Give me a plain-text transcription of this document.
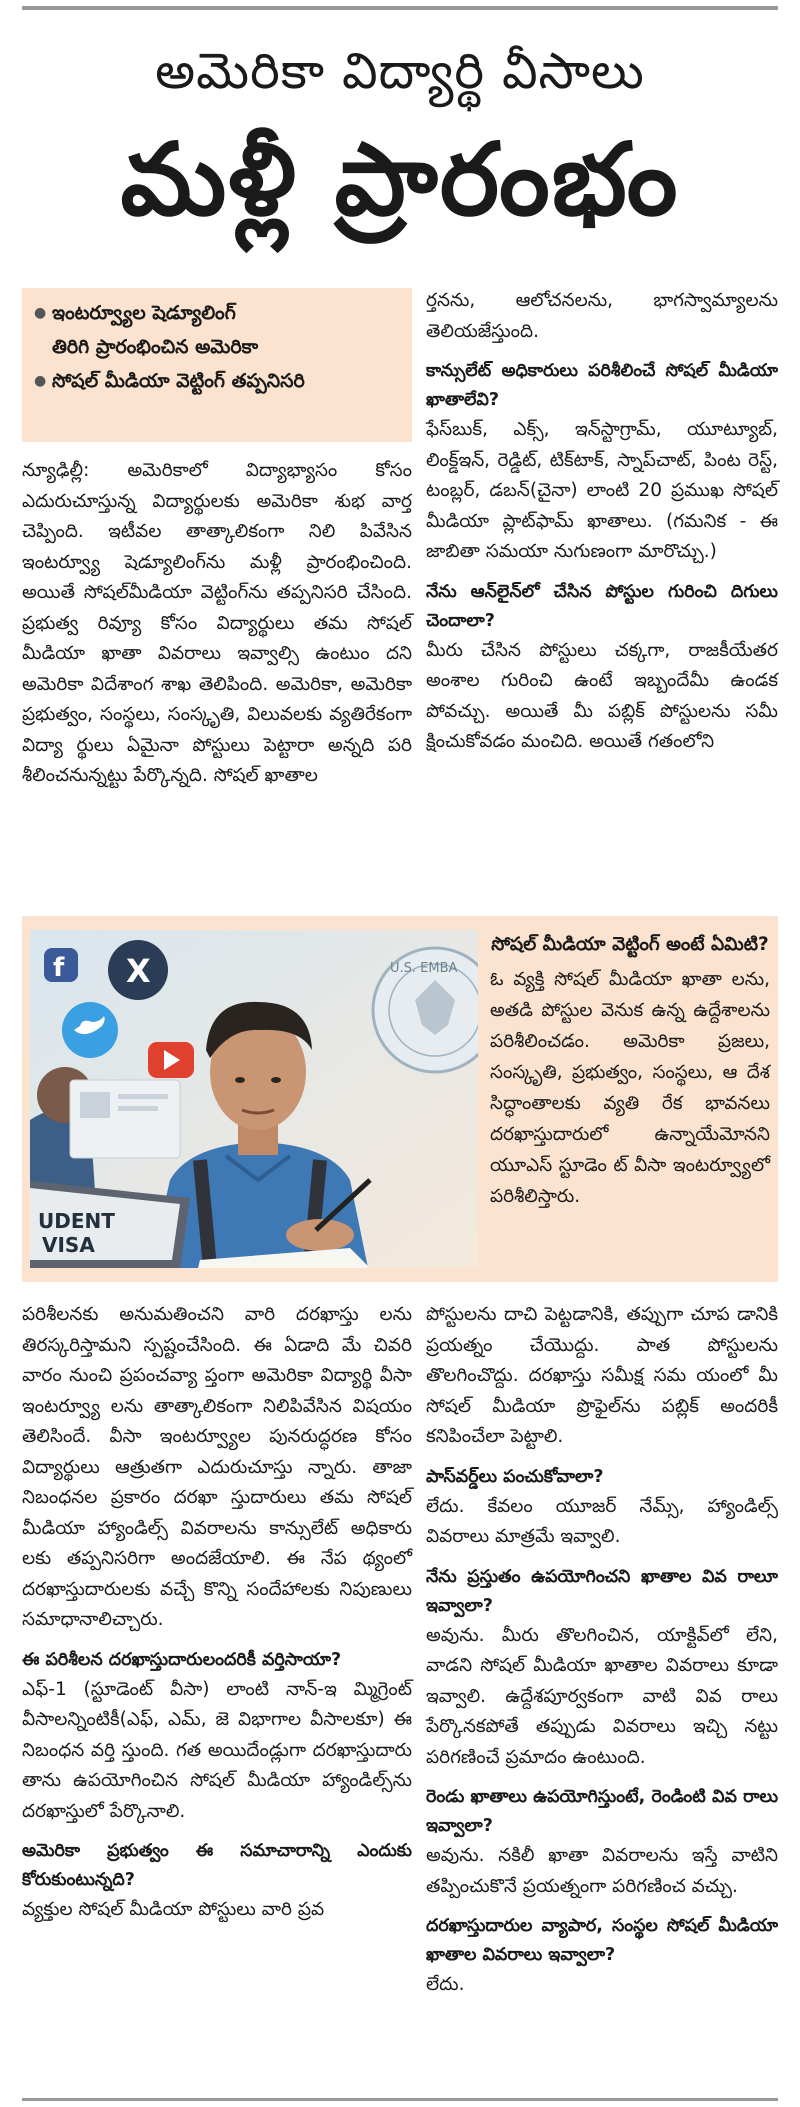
అమెరికా విద్యార్థి వీసాలు
మళ్లీ ప్రారంభం
● ఇంటర్వ్యూల షెడ్యూలింగ్
తిరిగి ప్రారంభించిన అమెరికా
● సోషల్ మీడియా వెట్టింగ్ తప్పనిసరి

న్యూఢిల్లీ: అమెరికాలో విద్యాభ్యాసం కోసం ఎదురుచూస్తున్న విద్యార్థులకు అమెరికా శుభ వార్త చెప్పింది. ఇటీవల తాత్కాలికంగా నిలి పివేసిన ఇంటర్వ్యూ షెడ్యూలింగ్‌ను మళ్లీ ప్రారంభించింది. అయితే సోషల్‌మీడియా వెట్టింగ్‌ను తప్పనిసరి చేసింది. ప్రభుత్వ రివ్యూ కోసం విద్యార్థులు తమ సోషల్ మీడియా ఖాతా వివరాలు ఇవ్వాల్సి ఉంటుం దని అమెరికా విదేశాంగ శాఖ తెలిపింది. అమెరికా, అమెరికా ప్రభుత్వం, సంస్థలు, సంస్కృతి, విలువలకు వ్యతిరేకంగా విద్యా ర్థులు ఏమైనా పోస్టులు పెట్టారా అన్నది పరి శీలించనున్నట్టు పేర్కొన్నది. సోషల్ ఖాతాల

ర్తనను, ఆలోచనలను, భాగస్వామ్యాలను తెలియజేస్తుంది.

కాన్సులేట్ అధికారులు పరిశీలించే సోషల్ మీడియా ఖాతాలేవి?

ఫేస్‌బుక్, ఎక్స్, ఇన్‌స్టాగ్రామ్, యూట్యూబ్, లింక్డ్‌ఇన్, రెడ్డిట్, టిక్‌టాక్, స్నాప్‌చాట్, పింట రెస్ట్, టంబ్లర్, డబన్(చైనా) లాంటి 20 ప్రముఖ సోషల్ మీడియా ప్లాట్‌ఫామ్ ఖాతాలు. (గమనిక - ఈ జాబితా సమయా నుగుణంగా మారొచ్చు.)

నేను ఆన్‌లైన్‌లో చేసిన పోస్టుల గురించి దిగులు చెందాలా?

మీరు చేసిన పోస్టులు చక్కగా, రాజకీయేతర అంశాల గురించి ఉంటే ఇబ్బందేమీ ఉండక పోవచ్చు. అయితే మీ పబ్లిక్ పోస్టులను సమీ క్షించుకోవడం మంచిది. అయితే గతంలోని

U.S. EMBA
f X
UDENT
VISA
సోషల్ మీడియా వెట్టింగ్ అంటే ఏమిటి?
ఓ వ్యక్తి సోషల్ మీడియా ఖాతా లను, అతడి పోస్టుల వెనుక ఉన్న ఉద్దేశాలను పరిశీలించడం. అమెరికా ప్రజలు, సంస్కృతి, ప్రభుత్వం, సంస్థలు, ఆ దేశ సిద్ధాంతాలకు వ్యతి రేక భావనలు దరఖాస్తుదారులో ఉన్నాయేమోనని యూఎస్ స్టూడెం ట్ వీసా ఇంటర్వ్యూలో పరిశీలిస్తారు.

పరిశీలనకు అనుమతించని వారి దరఖాస్తు లను తిరస్కరిస్తామని స్పష్టంచేసింది. ఈ ఏడాది మే చివరి వారం నుంచి ప్రపంచవ్యా ప్తంగా అమెరికా విద్యార్థి వీసా ఇంటర్వ్యూ లను తాత్కాలికంగా నిలిపివేసిన విషయం తెలిసిందే. వీసా ఇంటర్వ్యూల పునరుద్ధరణ కోసం విద్యార్థులు ఆత్రుతగా ఎదురుచూస్తు న్నారు. తాజా నిబంధనల ప్రకారం దరఖా స్తుదారులు తమ సోషల్ మీడియా హ్యాండిల్స్ వివరాలను కాన్సులేట్ అధికారు లకు తప్పనిసరిగా అందజేయాలి. ఈ నేప థ్యంలో దరఖాస్తుదారులకు వచ్చే కొన్ని సందేహాలకు నిపుణులు సమాధానాలిచ్చారు.

ఈ పరిశీలన దరఖాస్తుదారులందరికీ వర్తిసాయా?

ఎఫ్-1 (స్టూడెంట్ వీసా) లాంటి నాన్-ఇ మ్మిగ్రెంట్ వీసాలన్నింటికీ(ఎఫ్, ఎమ్, జె విభాగాల వీసాలకూ) ఈ నిబంధన వర్తి స్తుంది. గత అయిదేండ్లుగా దరఖాస్తుదారు తాను ఉపయోగించిన సోషల్ మీడియా హ్యాండిల్స్‌ను దరఖాస్తులో పేర్కొనాలి.

అమెరికా ప్రభుత్వం ఈ సమాచారాన్ని ఎందుకు కోరుకుంటున్నది?

వ్యక్తుల సోషల్ మీడియా పోస్టులు వారి ప్రవ

పోస్టులను దాచి పెట్టడానికి, తప్పుగా చూప డానికి ప్రయత్నం చేయొద్దు. పాత పోస్టులను తొలగించొద్దు. దరఖాస్తు సమీక్ష సమ యంలో మీ సోషల్ మీడియా ప్రొఫైల్‌ను పబ్లిక్ అందరికీ కనిపించేలా పెట్టాలి.

పాస్‌వర్డ్‌లు పంచుకోవాలా?

లేదు. కేవలం యూజర్ నేమ్స్, హ్యాండిల్స్ వివరాలు మాత్రమే ఇవ్వాలి.

నేను ప్రస్తుతం ఉపయోగించని ఖాతాల వివ రాలూ ఇవ్వాలా?

అవును. మీరు తొలగించిన, యాక్టివ్‌లో లేని, వాడని సోషల్ మీడియా ఖాతాల వివరాలు కూడా ఇవ్వాలి. ఉద్దేశపూర్వకంగా వాటి వివ రాలు పేర్కొనకపోతే తప్పుడు వివరాలు ఇచ్చి నట్టు పరిగణించే ప్రమాదం ఉంటుంది.

రెండు ఖాతాలు ఉపయోగిస్తుంటే, రెండింటి వివ రాలు ఇవ్వాలా?

అవును. నకిలీ ఖాతా వివరాలను ఇస్తే వాటిని తప్పించుకొనే ప్రయత్నంగా పరిగణించ వచ్చు.

దరఖాస్తుదారుల వ్యాపార, సంస్థల సోషల్ మీడియా ఖాతాల వివరాలు ఇవ్వాలా?

లేదు.
